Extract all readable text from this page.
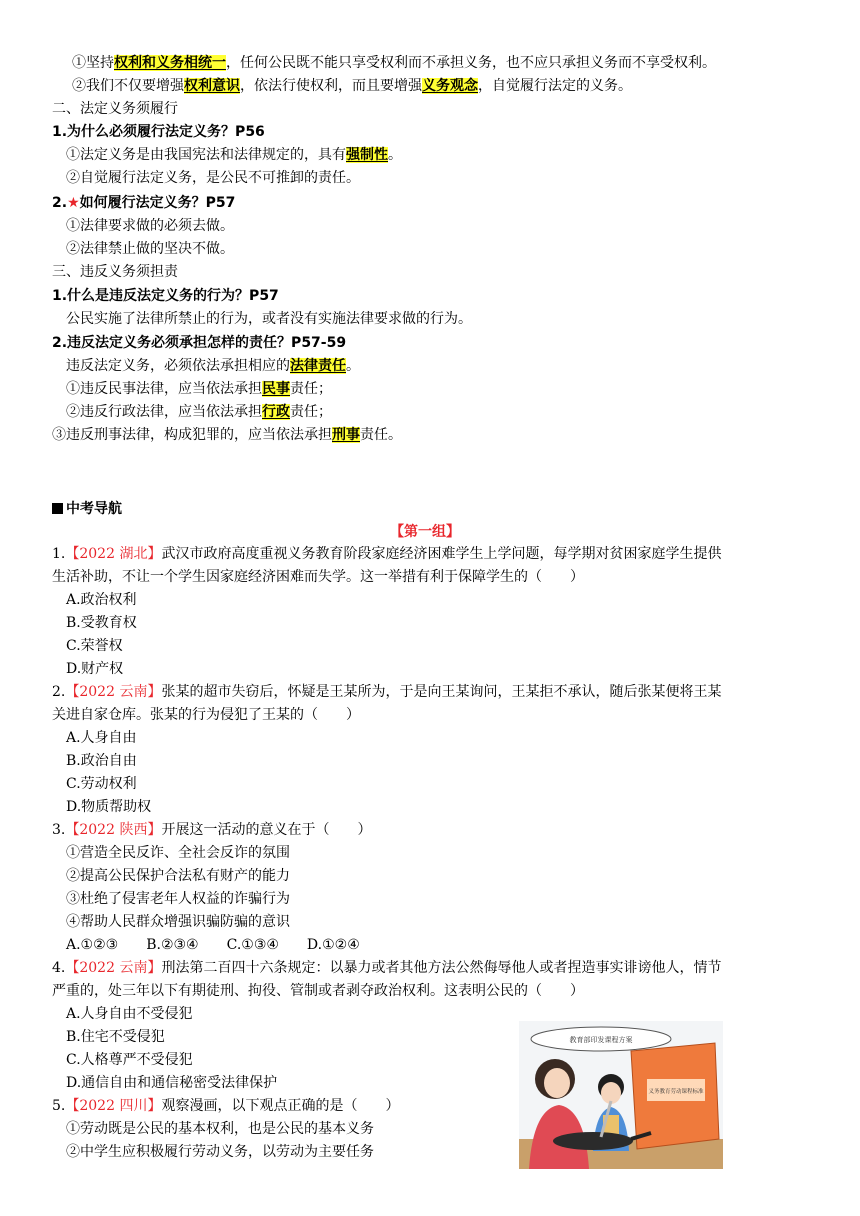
①坚持权利和义务相统一，任何公民既不能只享受权利而不承担义务，也不应只承担义务而不享受权利。
②我们不仅要增强权利意识，依法行使权利，而且要增强义务观念，自觉履行法定的义务。
二、法定义务须履行
1.为什么必须履行法定义务？P56
①法定义务是由我国宪法和法律规定的，具有强制性。
②自觉履行法定义务，是公民不可推卸的责任。
2.★如何履行法定义务？P57
①法律要求做的必须去做。
②法律禁止做的坚决不做。
三、违反义务须担责
1.什么是违反法定义务的行为？P57
公民实施了法律所禁止的行为，或者没有实施法律要求做的行为。
2.违反法定义务必须承担怎样的责任？P57-59
违反法定义务，必须依法承担相应的法律责任。
①违反民事法律，应当依法承担民事责任；
②违反行政法律，应当依法承担行政责任；
③违反刑事法律，构成犯罪的，应当依法承担刑事责任。
中考导航
【第一组】
1.【2022 湖北】武汉市政府高度重视义务教育阶段家庭经济困难学生上学问题，每学期对贫困家庭学生提供
生活补助，不让一个学生因家庭经济困难而失学。这一举措有利于保障学生的（　　）
A.政治权利
B.受教育权
C.荣誉权
D.财产权
2.【2022 云南】张某的超市失窃后，怀疑是王某所为，于是向王某询问，王某拒不承认，随后张某便将王某
关进自家仓库。张某的行为侵犯了王某的（　　）
A.人身自由
B.政治自由
C.劳动权利
D.物质帮助权
3.【2022 陕西】开展这一活动的意义在于（　　）
①营造全民反诈、全社会反诈的氛围
②提高公民保护合法私有财产的能力
③杜绝了侵害老年人权益的诈骗行为
④帮助人民群众增强识骗防骗的意识
A.①②③　　B.②③④　　C.①③④　　D.①②④
4.【2022 云南】刑法第二百四十六条规定：以暴力或者其他方法公然侮辱他人或者捏造事实诽谤他人，情节
严重的，处三年以下有期徒刑、拘役、管制或者剥夺政治权利。这表明公民的（　　）
A.人身自由不受侵犯
B.住宅不受侵犯
C.人格尊严不受侵犯
D.通信自由和通信秘密受法律保护
5.【2022 四川】观察漫画，以下观点正确的是（　　）
①劳动既是公民的基本权利，也是公民的基本义务
②中学生应积极履行劳动义务，以劳动为主要任务
教育部印发课程方案
义务教育劳动课程标准
